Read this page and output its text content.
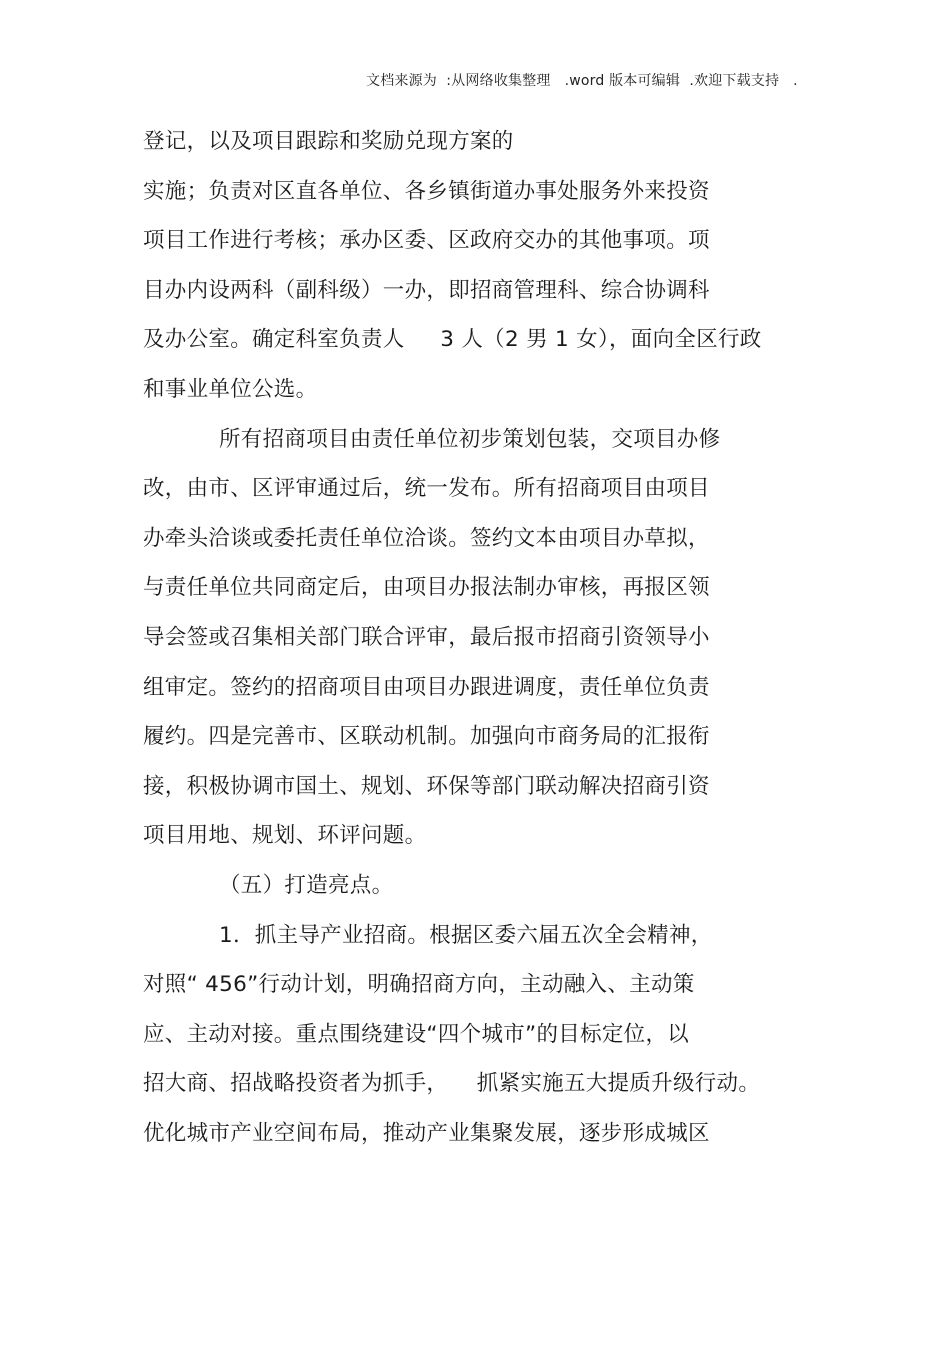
文档来源为  :从网络收集整理   .word 版本可编辑  .欢迎下载支持   .
登记，以及项目跟踪和奖励兑现方案的
实施；负责对区直各单位、各乡镇街道办事处服务外来投资
项目工作进行考核；承办区委、区政府交办的其他事项。项
目办内设两科（副科级）一办，即招商管理科、综合协调科
及办公室。确定科室负责人     3 人（2 男 1 女），面向全区行政
和事业单位公选。
所有招商项目由责任单位初步策划包装，交项目办修
改，由市、区评审通过后，统一发布。所有招商项目由项目
办牵头洽谈或委托责任单位洽谈。签约文本由项目办草拟，
与责任单位共同商定后，由项目办报法制办审核，再报区领
导会签或召集相关部门联合评审，最后报市招商引资领导小
组审定。签约的招商项目由项目办跟进调度，责任单位负责
履约。四是完善市、区联动机制。加强向市商务局的汇报衔
接，积极协调市国土、规划、环保等部门联动解决招商引资
项目用地、规划、环评问题。
（五）打造亮点。
1．抓主导产业招商。根据区委六届五次全会精神，
对照“ 456”行动计划，明确招商方向，主动融入、主动策
应、主动对接。重点围绕建设“四个城市”的目标定位，以
招大商、招战略投资者为抓手，    抓紧实施五大提质升级行动。
优化城市产业空间布局，推动产业集聚发展，逐步形成城区
